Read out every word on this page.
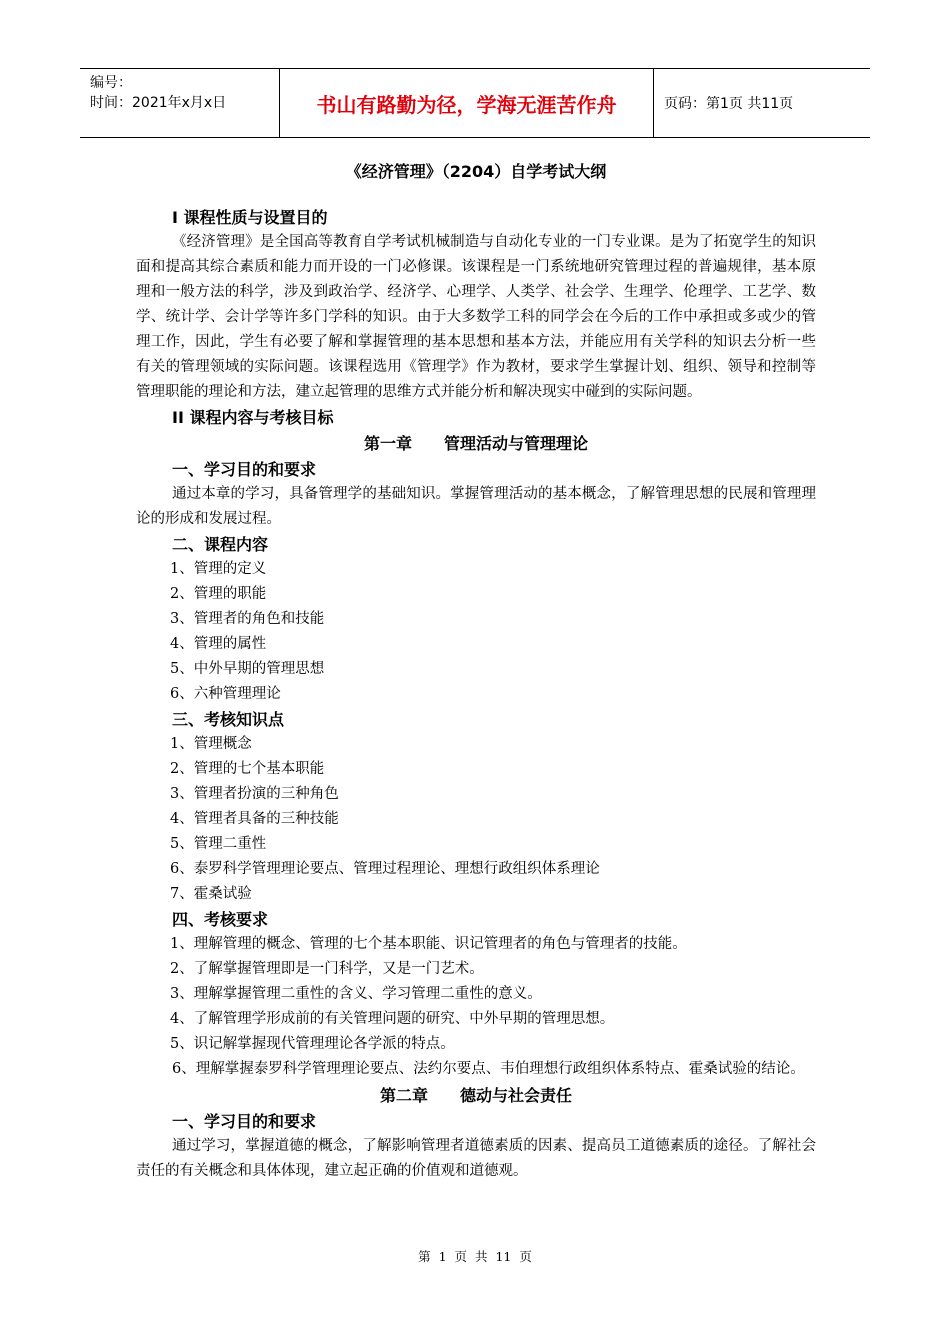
编号：
时间：2021年x月x日	书山有路勤为径，学海无涯苦作舟	页码：第1页 共11页
《经济管理》（2204）自学考试大纲
I 课程性质与设置目的
《经济管理》是全国高等教育自学考试机械制造与自动化专业的一门专业课。是为了拓宽学生的知识面和提高其综合素质和能力而开设的一门必修课。该课程是一门系统地研究管理过程的普遍规律，基本原理和一般方法的科学，涉及到政治学、经济学、心理学、人类学、社会学、生理学、伦理学、工艺学、数学、统计学、会计学等许多门学科的知识。由于大多数学工科的同学会在今后的工作中承担或多或少的管理工作，因此，学生有必要了解和掌握管理的基本思想和基本方法，并能应用有关学科的知识去分析一些有关的管理领域的实际问题。该课程选用《管理学》作为教材，要求学生掌握计划、组织、领导和控制等管理职能的理论和方法，建立起管理的思维方式并能分析和解决现实中碰到的实际问题。
II 课程内容与考核目标
第一章 管理活动与管理理论
一、学习目的和要求
通过本章的学习，具备管理学的基础知识。掌握管理活动的基本概念，了解管理思想的民展和管理理论的形成和发展过程。
二、课程内容
1、管理的定义
2、管理的职能
3、管理者的角色和技能
4、管理的属性
5、中外早期的管理思想
6、六种管理理论
三、考核知识点
1、管理概念
2、管理的七个基本职能
3、管理者扮演的三种角色
4、管理者具备的三种技能
5、管理二重性
6、泰罗科学管理理论要点、管理过程理论、理想行政组织体系理论
7、霍桑试验
四、考核要求
1、理解管理的概念、管理的七个基本职能、识记管理者的角色与管理者的技能。
2、了解掌握管理即是一门科学，又是一门艺术。
3、理解掌握管理二重性的含义、学习管理二重性的意义。
4、了解管理学形成前的有关管理问题的研究、中外早期的管理思想。
5、识记解掌握现代管理理论各学派的特点。
6、理解掌握泰罗科学管理理论要点、法约尔要点、韦伯理想行政组织体系特点、霍桑试验的结论。
第二章 德动与社会责任
一、学习目的和要求
通过学习，掌握道德的概念，了解影响管理者道德素质的因素、提高员工道德素质的途径。了解社会责任的有关概念和具体体现，建立起正确的价值观和道德观。
第 1 页 共 11 页
